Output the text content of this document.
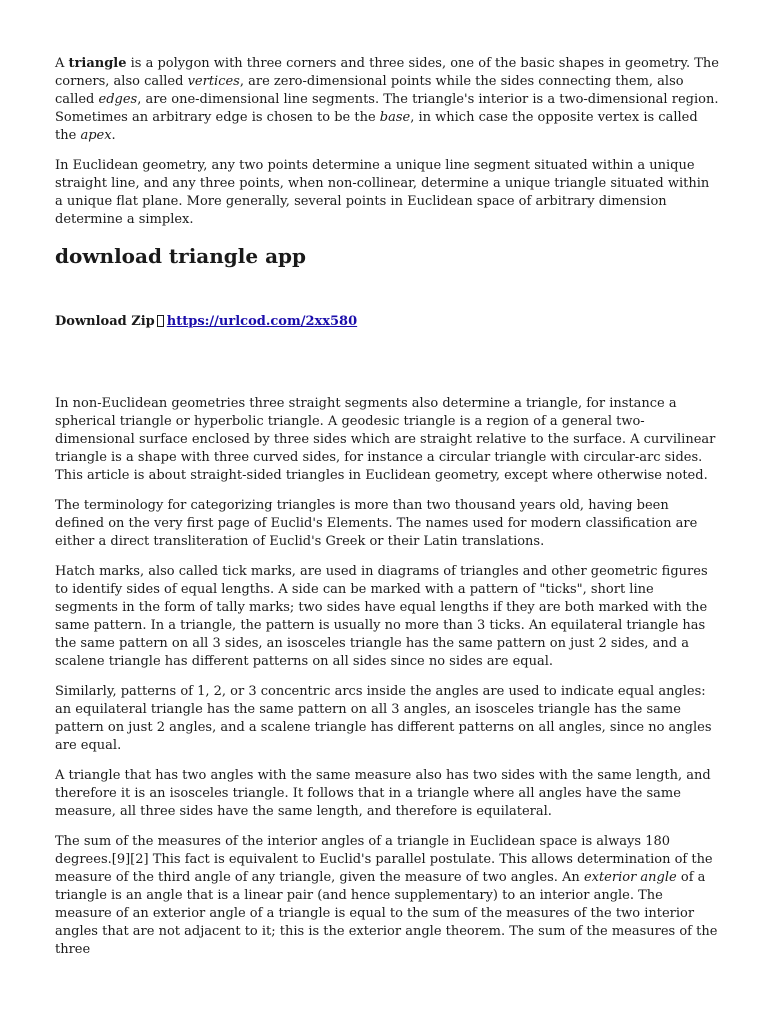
A triangle is a polygon with three corners and three sides, one of the basic shapes in geometry. The corners, also called vertices, are zero-dimensional points while the sides connecting them, also called edges, are one-dimensional line segments. The triangle's interior is a two-dimensional region. Sometimes an arbitrary edge is chosen to be the base, in which case the opposite vertex is called the apex.

In Euclidean geometry, any two points determine a unique line segment situated within a unique straight line, and any three points, when non-collinear, determine a unique triangle situated within a unique flat plane. More generally, several points in Euclidean space of arbitrary dimension determine a simplex.

download triangle app
Download Zip https://urlcod.com/2xx580

In non-Euclidean geometries three straight segments also determine a triangle, for instance a spherical triangle or hyperbolic triangle. A geodesic triangle is a region of a general two-dimensional surface enclosed by three sides which are straight relative to the surface. A curvilinear triangle is a shape with three curved sides, for instance a circular triangle with circular-arc sides. This article is about straight-sided triangles in Euclidean geometry, except where otherwise noted.

The terminology for categorizing triangles is more than two thousand years old, having been defined on the very first page of Euclid's Elements. The names used for modern classification are either a direct transliteration of Euclid's Greek or their Latin translations.

Hatch marks, also called tick marks, are used in diagrams of triangles and other geometric figures to identify sides of equal lengths. A side can be marked with a pattern of "ticks", short line segments in the form of tally marks; two sides have equal lengths if they are both marked with the same pattern. In a triangle, the pattern is usually no more than 3 ticks. An equilateral triangle has the same pattern on all 3 sides, an isosceles triangle has the same pattern on just 2 sides, and a scalene triangle has different patterns on all sides since no sides are equal.

Similarly, patterns of 1, 2, or 3 concentric arcs inside the angles are used to indicate equal angles: an equilateral triangle has the same pattern on all 3 angles, an isosceles triangle has the same pattern on just 2 angles, and a scalene triangle has different patterns on all angles, since no angles are equal.

A triangle that has two angles with the same measure also has two sides with the same length, and therefore it is an isosceles triangle. It follows that in a triangle where all angles have the same measure, all three sides have the same length, and therefore is equilateral.

The sum of the measures of the interior angles of a triangle in Euclidean space is always 180 degrees.[9][2] This fact is equivalent to Euclid's parallel postulate. This allows determination of the measure of the third angle of any triangle, given the measure of two angles. An exterior angle of a triangle is an angle that is a linear pair (and hence supplementary) to an interior angle. The measure of an exterior angle of a triangle is equal to the sum of the measures of the two interior angles that are not adjacent to it; this is the exterior angle theorem. The sum of the measures of the three
